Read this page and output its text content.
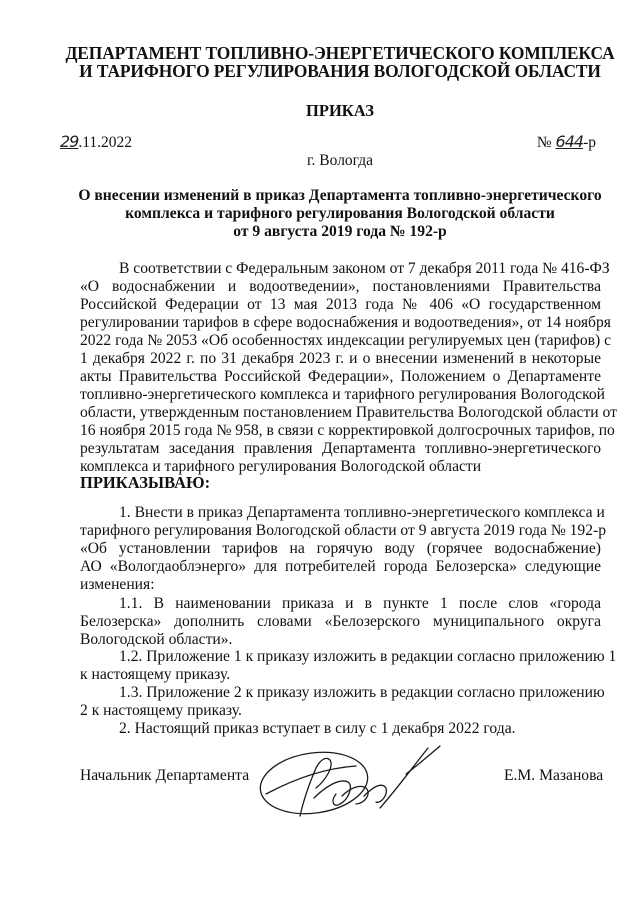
ДЕПАРТАМЕНТ ТОПЛИВНО-ЭНЕРГЕТИЧЕСКОГО КОМПЛЕКСА
И ТАРИФНОГО РЕГУЛИРОВАНИЯ ВОЛОГОДСКОЙ ОБЛАСТИ
ПРИКАЗ
29.11.2022	№ 644-р
г. Вологда
О внесении изменений в приказ Департамента топливно-энергетического
комплекса и тарифного регулирования Вологодской области
от 9 августа 2019 года № 192-р
В соответствии с Федеральным законом от 7 декабря 2011 года № 416-ФЗ
«О водоснабжении и водоотведении», постановлениями Правительства
Российской Федерации от 13 мая 2013 года № 406 «О государственном
регулировании тарифов в сфере водоснабжения и водоотведения», от 14 ноября
2022 года № 2053 «Об особенностях индексации регулируемых цен (тарифов) с
1 декабря 2022 г. по 31 декабря 2023 г. и о внесении изменений в некоторые
акты Правительства Российской Федерации», Положением о Департаменте
топливно-энергетического комплекса и тарифного регулирования Вологодской
области, утвержденным постановлением Правительства Вологодской области от
16 ноября 2015 года № 958, в связи с корректировкой долгосрочных тарифов, по
результатам заседания правления Департамента топливно-энергетического
комплекса и тарифного регулирования Вологодской области
ПРИКАЗЫВАЮ:
1. Внести в приказ Департамента топливно-энергетического комплекса и
тарифного регулирования Вологодской области от 9 августа 2019 года № 192-р
«Об установлении тарифов на горячую воду (горячее водоснабжение)
АО «Вологдаоблэнерго» для потребителей города Белозерска» следующие
изменения:
1.1. В наименовании приказа и в пункте 1 после слов «города
Белозерска» дополнить словами «Белозерского муниципального округа
Вологодской области».
1.2. Приложение 1 к приказу изложить в редакции согласно приложению 1
к настоящему приказу.
1.3. Приложение 2 к приказу изложить в редакции согласно приложению
2 к настоящему приказу.
2. Настоящий приказ вступает в силу с 1 декабря 2022 года.
Начальник Департамента	Е.М. Мазанова
